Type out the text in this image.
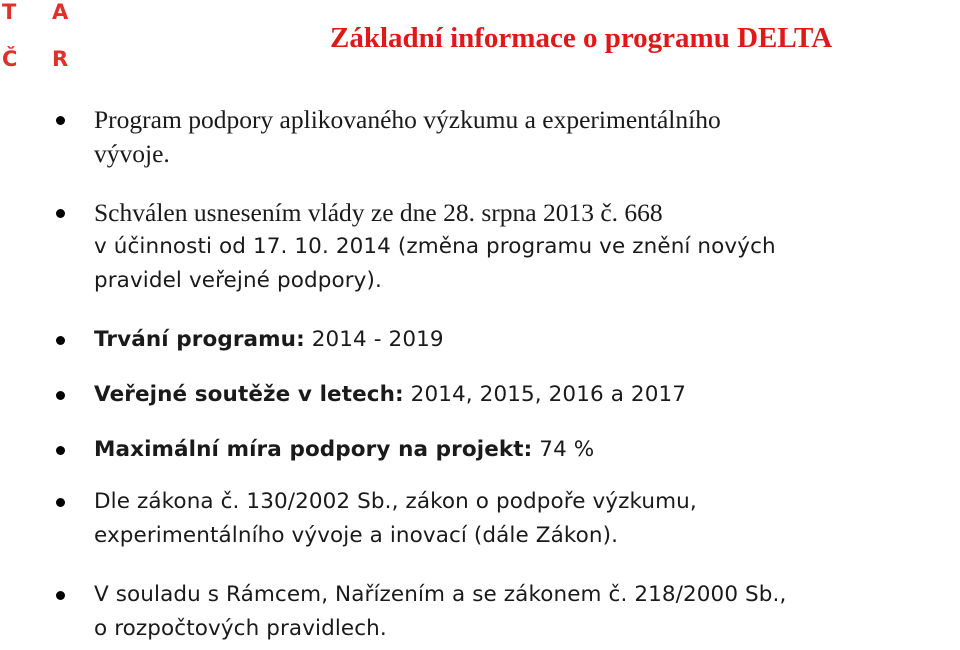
T A
Č R
Základní informace o programu DELTA
Program podpory aplikovaného výzkumu a experimentálního
vývoje.
Schválen usnesením vlády ze dne 28. srpna 2013 č. 668
v účinnosti od 17. 10. 2014 (změna programu ve znění nových
pravidel veřejné podpory).
Trvání programu: 2014 - 2019
Veřejné soutěže v letech: 2014, 2015, 2016 a 2017
Maximální míra podpory na projekt: 74 %
Dle zákona č. 130/2002 Sb., zákon o podpoře výzkumu,
experimentálního vývoje a inovací (dále Zákon).
V souladu s Rámcem, Nařízením a se zákonem č. 218/2000 Sb.,
o rozpočtových pravidlech.
